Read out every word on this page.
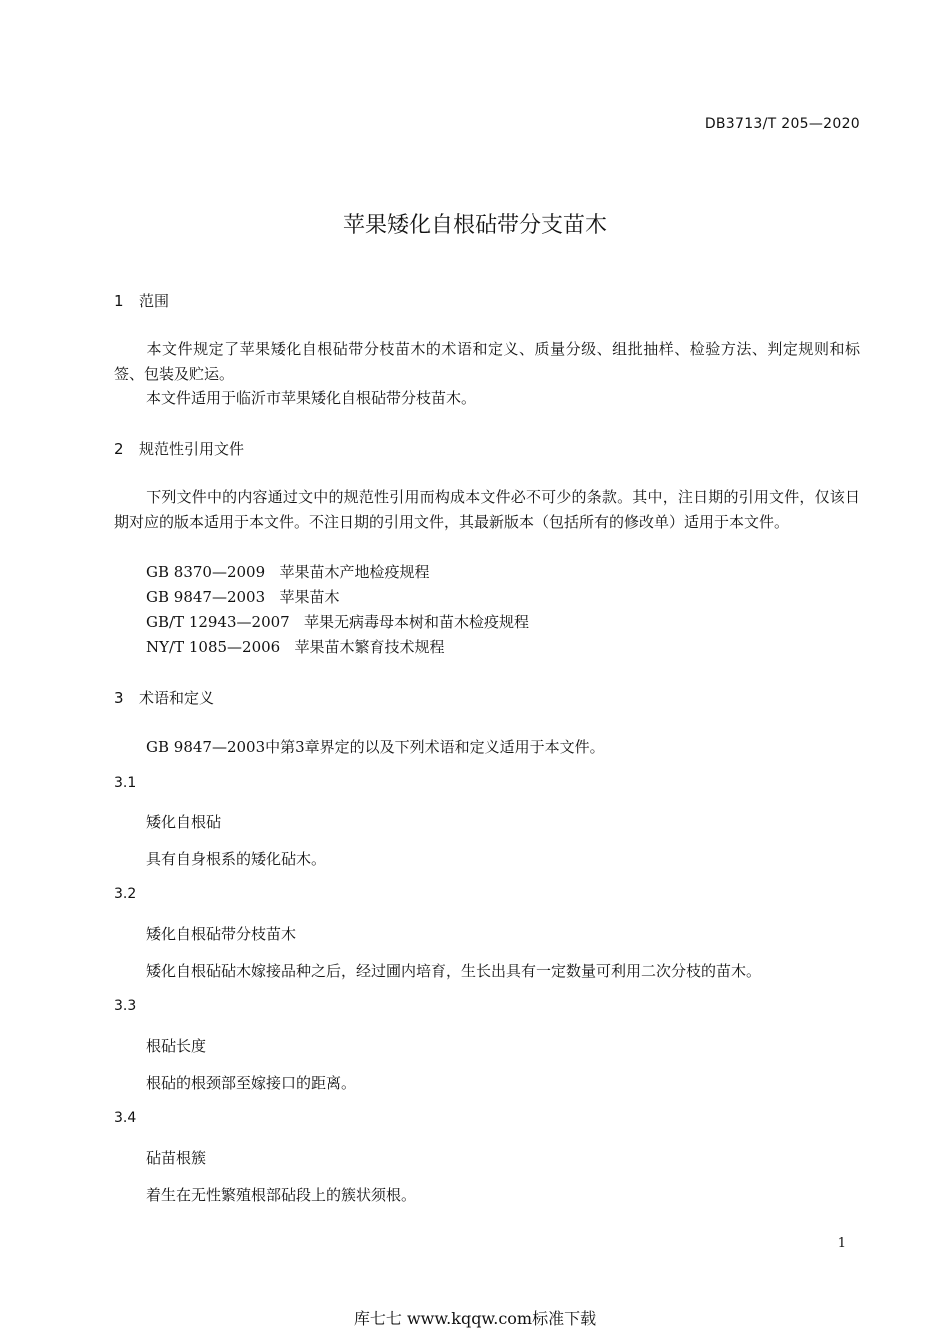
DB3713/T 205—2020
苹果矮化自根砧带分支苗木
1 范围
本文件规定了苹果矮化自根砧带分枝苗木的术语和定义、质量分级、组批抽样、检验方法、判定规则和标签、包装及贮运。
本文件适用于临沂市苹果矮化自根砧带分枝苗木。
2 规范性引用文件
下列文件中的内容通过文中的规范性引用而构成本文件必不可少的条款。其中，注日期的引用文件，仅该日期对应的版本适用于本文件。不注日期的引用文件，其最新版本（包括所有的修改单）适用于本文件。
GB 8370—2009 苹果苗木产地检疫规程
GB 9847—2003 苹果苗木
GB/T 12943—2007 苹果无病毒母本树和苗木检疫规程
NY/T 1085—2006 苹果苗木繁育技术规程
3 术语和定义
GB 9847—2003中第3章界定的以及下列术语和定义适用于本文件。
3.1
矮化自根砧
具有自身根系的矮化砧木。
3.2
矮化自根砧带分枝苗木
矮化自根砧砧木嫁接品种之后，经过圃内培育，生长出具有一定数量可利用二次分枝的苗木。
3.3
根砧长度
根砧的根颈部至嫁接口的距离。
3.4
砧苗根簇
着生在无性繁殖根部砧段上的簇状须根。
1
库七七 www.kqqw.com标准下载
